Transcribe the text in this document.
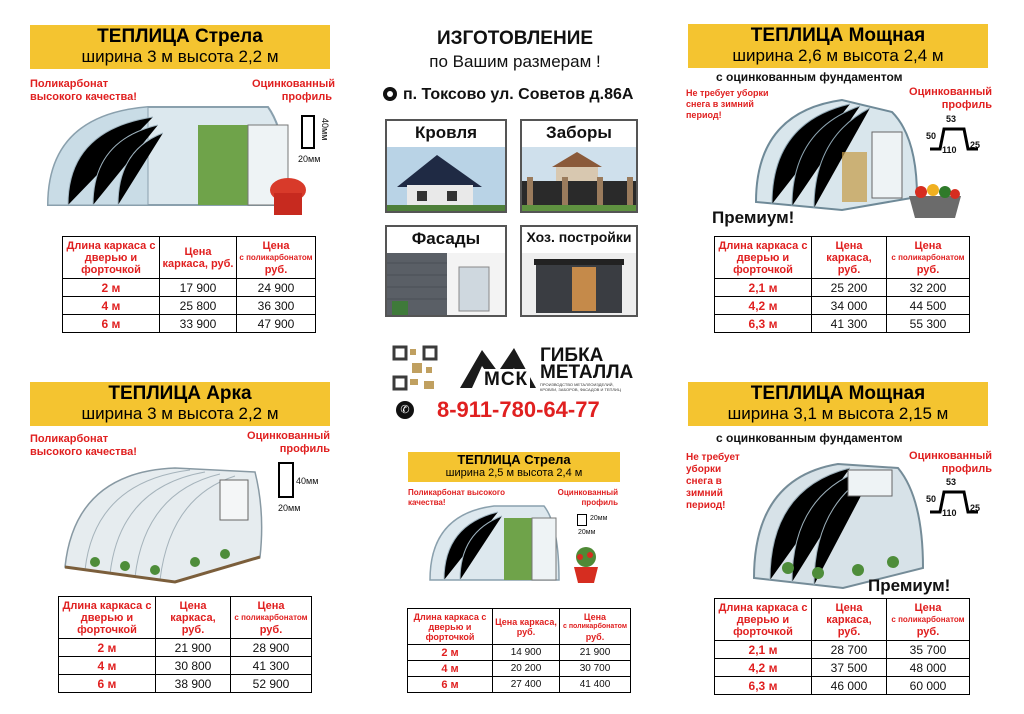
ТЕПЛИЦА Стрела
ширина 3 м высота 2,2 м
Поликарбонат высокого качества!
Оцинкованный профиль
40мм
20мм
Длина каркаса с дверью и форточкой	Цена каркаса, руб.	Цена
с поликарбонатом
руб.

2 м	17 900	24 900
4 м	25 800	36 300
6 м	33 900	47 900
ТЕПЛИЦА Арка
ширина 3 м высота 2,2 м
Поликарбонат высокого качества!
Оцинкованный профиль
40мм
20мм
Длина каркаса с дверью и форточкой	Цена каркаса, руб.	Цена
с поликарбонатом
руб.

2 м	21 900	28 900
4 м	30 800	41 300
6 м	38 900	52 900
ИЗГОТОВЛЕНИЕ
по Вашим размерам !
п. Токсово ул. Советов д.86А
Кровля	Заборы
Фасады	Хоз. постройки
МСК
ГИБКА
МЕТАЛЛА
ПРОИЗВОДСТВО МЕТАЛЛОИЗДЕЛИЙ, КРОВЛИ, ЗАБОРОВ, ФАСАДОВ И ТЕПЛИЦ
✆ 8-911-780-64-77
ТЕПЛИЦА Стрела
ширина 2,5 м высота 2,4 м
Поликарбонат высокого качества!
Оцинкованный профиль
20мм
20мм
Длина каркаса с дверью и форточкой	Цена каркаса, руб.	Цена
с поликарбонатом
руб.

2 м	14 900	21 900
4 м	20 200	30 700
6 м	27 400	41 400
ТЕПЛИЦА Мощная
ширина 2,6 м высота 2,4 м
с оцинкованным фундаментом
Не требует уборки снега в зимний период!
Оцинкованный профиль
53
50
110 25
Премиум!
Длина каркаса с дверью и форточкой	Цена каркаса, руб.	Цена
с поликарбонатом
руб.

2,1 м	25 200	32 200
4,2 м	34 000	44 500
6,3 м	41 300	55 300
ТЕПЛИЦА Мощная
ширина 3,1 м высота 2,15 м
с оцинкованным фундаментом
Не требует уборки снега в зимний период!
Оцинкованный профиль
53
50
110 25
Премиум!
Длина каркаса с дверью и форточкой	Цена каркаса, руб.	Цена
с поликарбонатом
руб.

2,1 м	28 700	35 700
4,2 м	37 500	48 000
6,3 м	46 000	60 000
